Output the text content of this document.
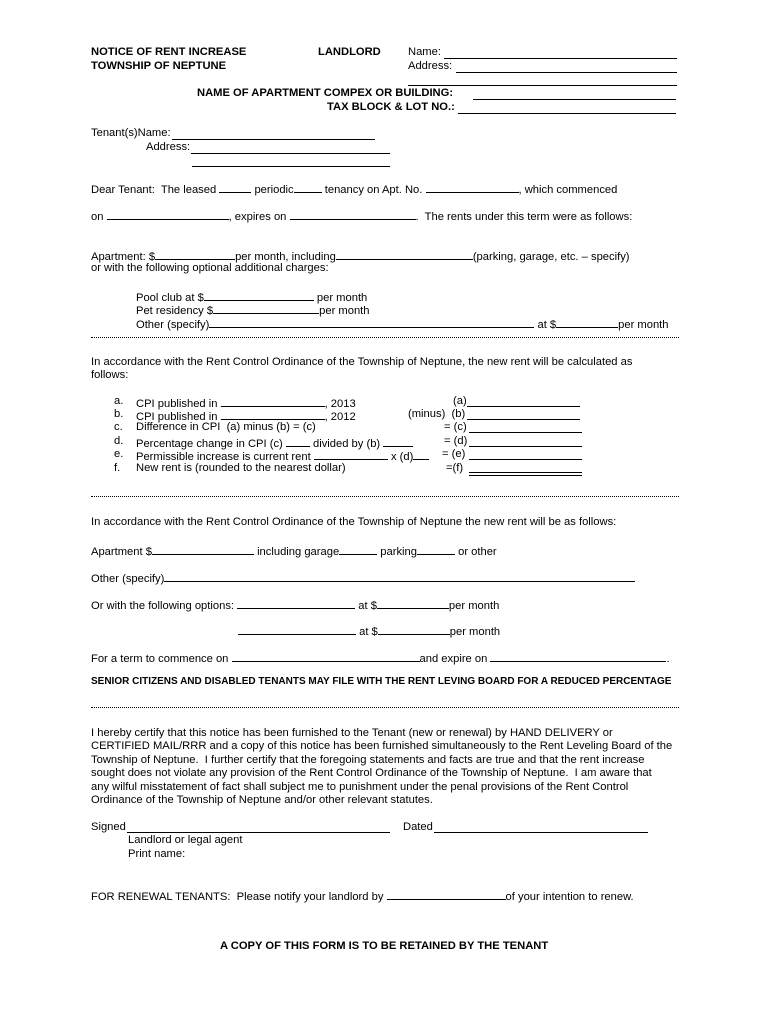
NOTICE OF RENT INCREASE
TOWNSHIP OF NEPTUNE
LANDLORD Name:
Address:
NAME OF APARTMENT COMPEX OR BUILDING:
TAX BLOCK & LOT NO.:
Tenant(s)Name:
Address:
Dear Tenant:  The leased	periodic	tenancy on Apt. No.	, which commenced
on	, expires on	.  The rents under this term were as follows:
Apartment: $	per month, including	(parking, garage, etc. – specify)
or with the following optional additional charges:
Pool club at $	per month
Pet residency $	per month
Other (specify)	at $	per month
In accordance with the Rent Control Ordinance of the Township of Neptune, the new rent will be calculated as
follows:
a. CPI published in	, 2013	(a)
b. CPI published in	, 2012	(minus)  (b)
c. Difference in CPI  (a) minus (b) = (c)	= (c)
d. Percentage change in CPI (c)	divided by (b)	= (d)
e. Permissible increase is current rent	x (d)	= (e)
f. New rent is (rounded to the nearest dollar)	=(f)
In accordance with the Rent Control Ordinance of the Township of Neptune the new rent will be as follows:
Apartment $	including garage	parking	or other
Other (specify)
Or with the following options:	at $	per month
at $	per month
For a term to commence on	and expire on	.
SENIOR CITIZENS AND DISABLED TENANTS MAY FILE WITH THE RENT LEVING BOARD FOR A REDUCED PERCENTAGE
I hereby certify that this notice has been furnished to the Tenant (new or renewal) by HAND DELIVERY or
CERTIFIED MAIL/RRR and a copy of this notice has been furnished simultaneously to the Rent Leveling Board of the
Township of Neptune.  I further certify that the foregoing statements and facts are true and that the rent increase
sought does not violate any provision of the Rent Control Ordinance of the Township of Neptune.  I am aware that
any wilful misstatement of fact shall subject me to punishment under the penal provisions of the Rent Control
Ordinance of the Township of Neptune and/or other relevant statutes.
Signed	Dated
Landlord or legal agent
Print name:
FOR RENEWAL TENANTS:  Please notify your landlord by	of your intention to renew.
A COPY OF THIS FORM IS TO BE RETAINED BY THE TENANT
